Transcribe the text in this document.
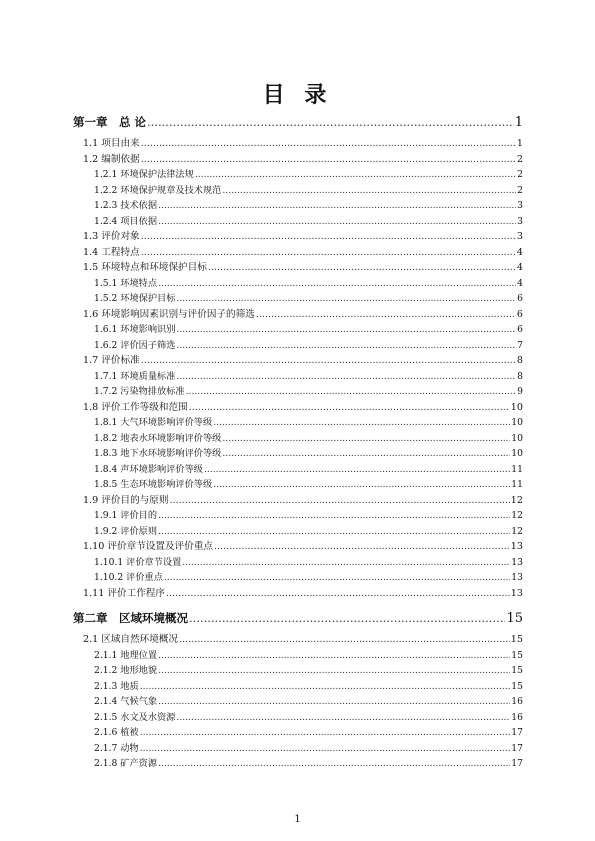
目 录
第一章　总 论 .....	1
1.1 项目由来 .....	1
1.2 编制依据 .....	2
1.2.1 环境保护法律法规 .....	2
1.2.2 环境保护规章及技术规范 .....	2
1.2.3 技术依据 .....	3
1.2.4 项目依据 .....	3
1.3 评价对象 .....	3
1.4 工程特点 .....	4
1.5 环境特点和环境保护目标 .....	4
1.5.1 环境特点 .....	4
1.5.2 环境保护目标 .....	6
1.6 环境影响因素识别与评价因子的筛选 .....	6
1.6.1 环境影响识别 .....	6
1.6.2 评价因子筛选 .....	7
1.7 评价标准 .....	8
1.7.1 环境质量标准 .....	8
1.7.2 污染物排放标准 .....	9
1.8 评价工作等级和范围 .....	10
1.8.1 大气环境影响评价等级 .....	10
1.8.2 地表水环境影响评价等级 .....	10
1.8.3 地下水环境影响评价等级 .....	10
1.8.4 声环境影响评价等级 .....	11
1.8.5 生态环境影响评价等级 .....	11
1.9 评价目的与原则 .....	12
1.9.1 评价目的 .....	12
1.9.2 评价原则 .....	12
1.10 评价章节设置及评价重点 .....	13
1.10.1 评价章节设置 .....	13
1.10.2 评价重点 .....	13
1.11 评价工作程序 .....	13
第二章　区域环境概况 .....	15
2.1 区域自然环境概况 .....	15
2.1.1 地理位置 .....	15
2.1.2 地形地貌 .....	15
2.1.3 地质 .....	15
2.1.4 气候气象 .....	16
2.1.5 水文及水资源 .....	16
2.1.6 植被 .....	17
2.1.7 动物 .....	17
2.1.8 矿产资源 .....	17
1
